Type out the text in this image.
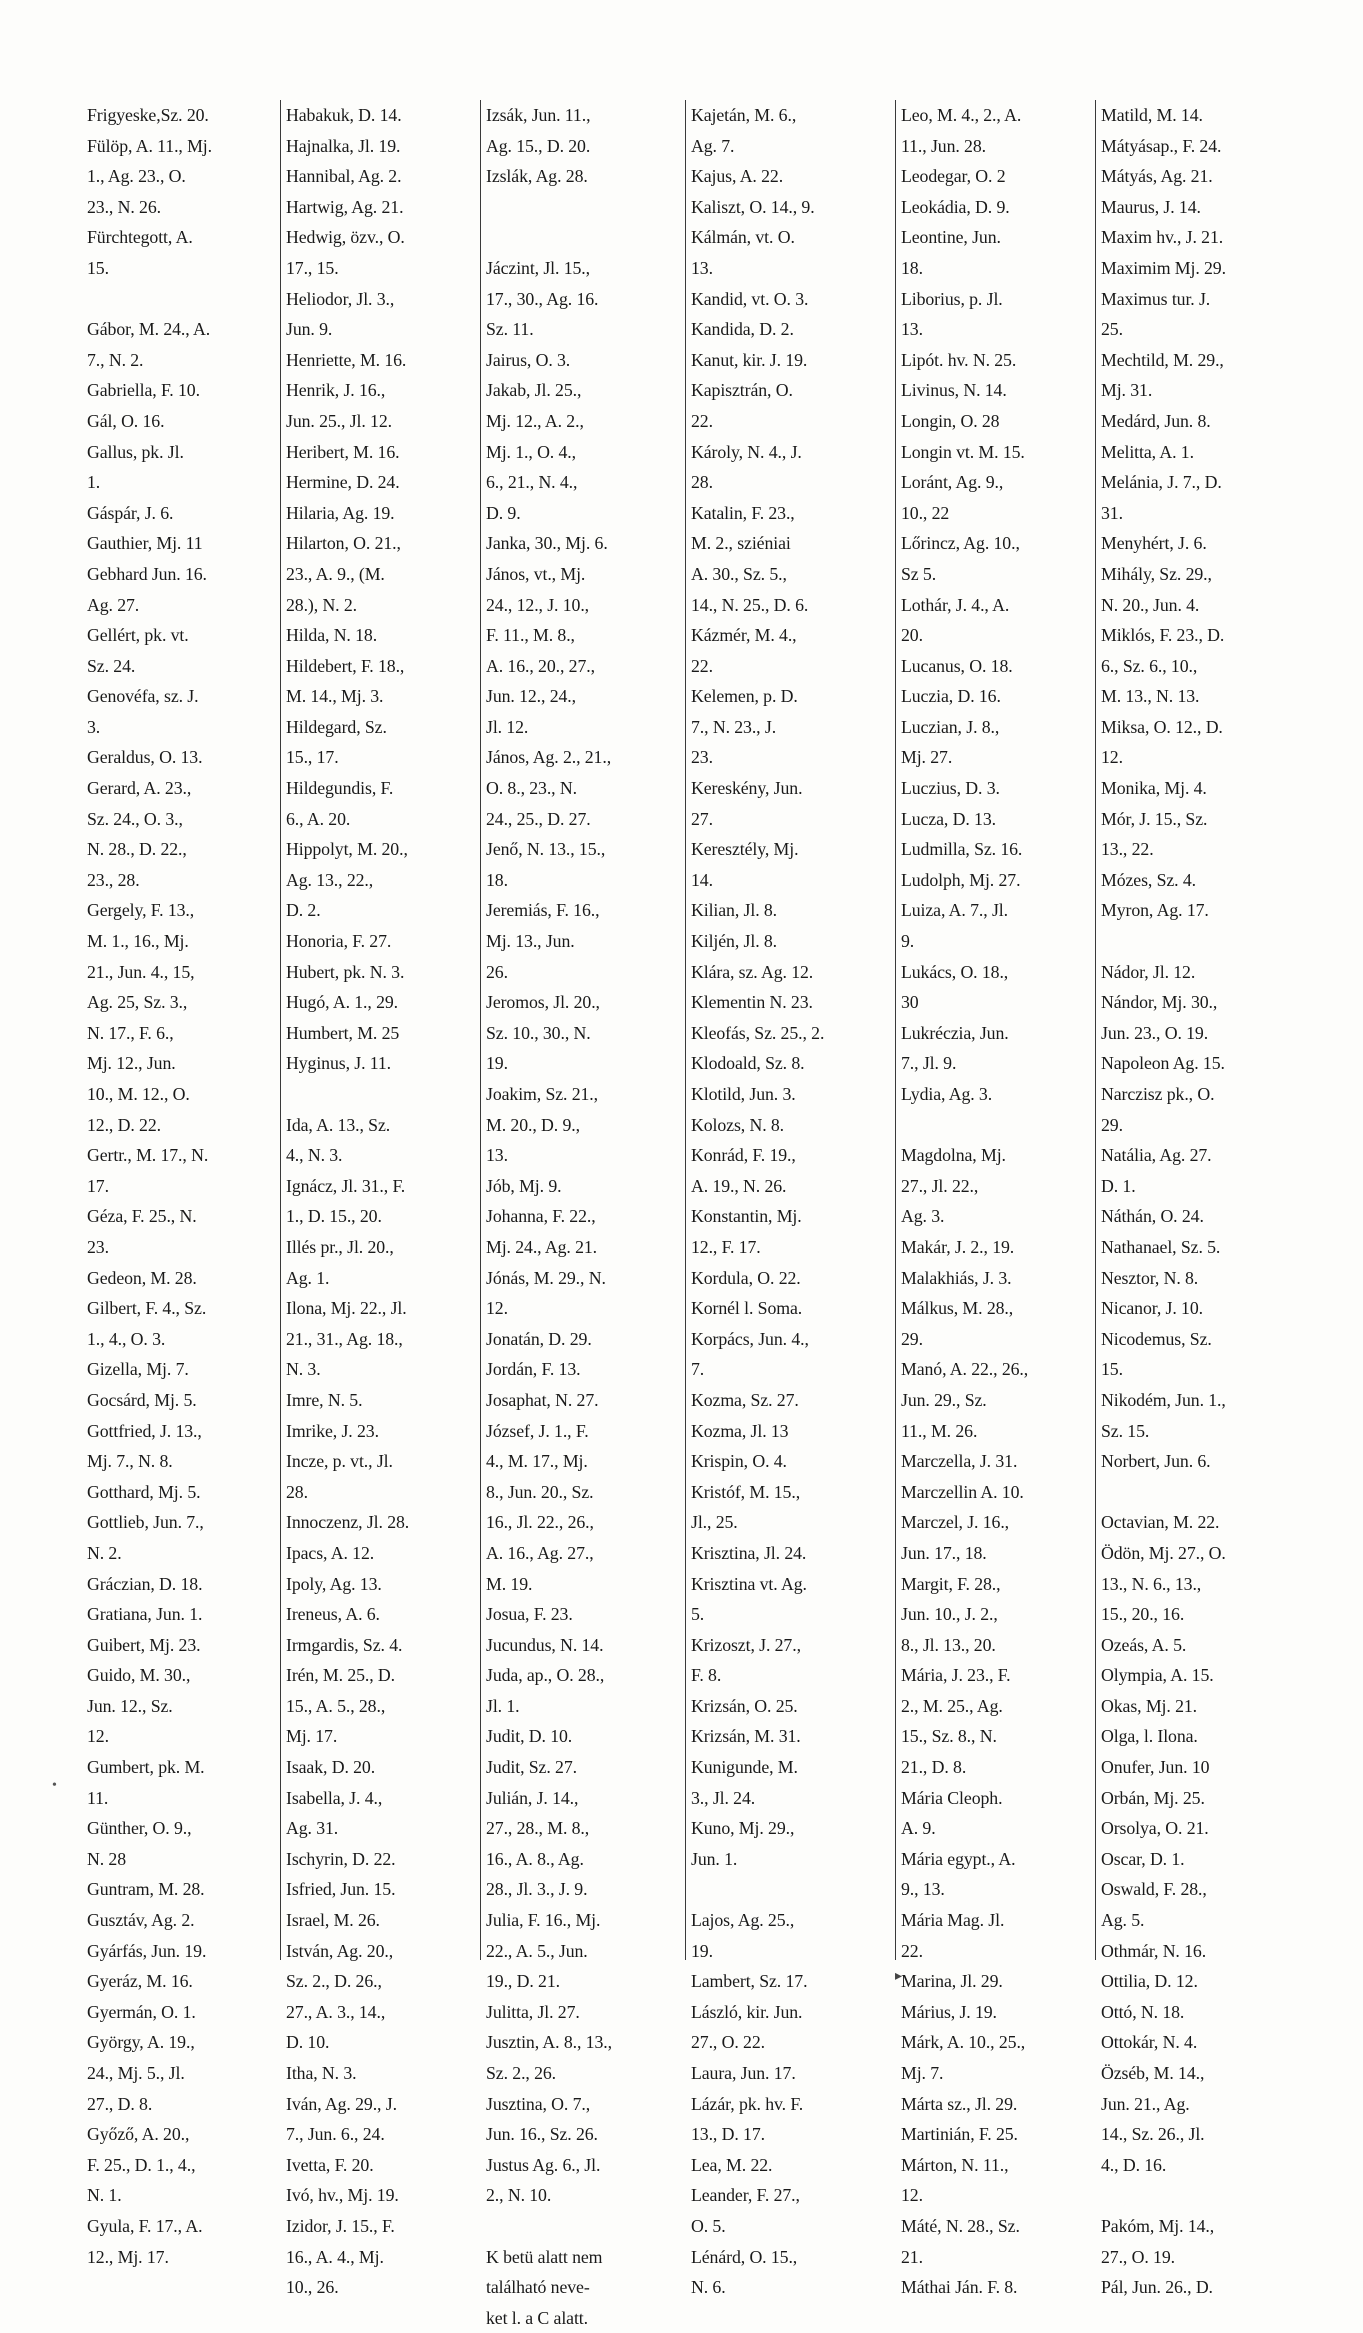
Frigyeske,Sz. 20.
Fülöp, A. 11., Mj.
1., Ag. 23., O.
23., N. 26.
Fürchtegott, A.
15.
Gábor, M. 24., A.
7., N. 2.
Gabriella, F. 10.
Gál, O. 16.
Gallus, pk. Jl.
1.
Gáspár, J. 6.
Gauthier, Mj. 11
Gebhard Jun. 16.
Ag. 27.
Gellért, pk. vt.
Sz. 24.
Genovéfa, sz. J.
3.
Geraldus, O. 13.
Gerard, A. 23.,
Sz. 24., O. 3.,
N. 28., D. 22.,
23., 28.
Gergely, F. 13.,
M. 1., 16., Mj.
21., Jun. 4., 15,
Ag. 25, Sz. 3.,
N. 17., F. 6.,
Mj. 12., Jun.
10., M. 12., O.
12., D. 22.
Gertr., M. 17., N.
17.
Géza, F. 25., N.
23.
Gedeon, M. 28.
Gilbert, F. 4., Sz.
1., 4., O. 3.
Gizella, Mj. 7.
Gocsárd, Mj. 5.
Gottfried, J. 13.,
Mj. 7., N. 8.
Gotthard, Mj. 5.
Gottlieb, Jun. 7.,
N. 2.
Gráczian, D. 18.
Gratiana, Jun. 1.
Guibert, Mj. 23.
Guido, M. 30.,
Jun. 12., Sz.
12.
Gumbert, pk. M.
11.
Günther, O. 9.,
N. 28
Guntram, M. 28.
Gusztáv, Ag. 2.
Gyárfás, Jun. 19.
Gyeráz, M. 16.
Gyermán, O. 1.
György, A. 19.,
24., Mj. 5., Jl.
27., D. 8.
Győző, A. 20.,
F. 25., D. 1., 4.,
N. 1.
Gyula, F. 17., A.
12., Mj. 17.
Habakuk, D. 14.
Hajnalka, Jl. 19.
Hannibal, Ag. 2.
Hartwig, Ag. 21.
Hedwig, özv., O.
17., 15.
Heliodor, Jl. 3.,
Jun. 9.
Henriette, M. 16.
Henrik, J. 16.,
Jun. 25., Jl. 12.
Heribert, M. 16.
Hermine, D. 24.
Hilaria, Ag. 19.
Hilarton, O. 21.,
23., A. 9., (M.
28.), N. 2.
Hilda, N. 18.
Hildebert, F. 18.,
M. 14., Mj. 3.
Hildegard, Sz.
15., 17.
Hildegundis, F.
6., A. 20.
Hippolyt, M. 20.,
Ag. 13., 22.,
D. 2.
Honoria, F. 27.
Hubert, pk. N. 3.
Hugó, A. 1., 29.
Humbert, M. 25
Hyginus, J. 11.
Ida, A. 13., Sz.
4., N. 3.
Ignácz, Jl. 31., F.
1., D. 15., 20.
Illés pr., Jl. 20.,
Ag. 1.
Ilona, Mj. 22., Jl.
21., 31., Ag. 18.,
N. 3.
Imre, N. 5.
Imrike, J. 23.
Incze, p. vt., Jl.
28.
Innoczenz, Jl. 28.
Ipacs, A. 12.
Ipoly, Ag. 13.
Ireneus, A. 6.
Irmgardis, Sz. 4.
Irén, M. 25., D.
15., A. 5., 28.,
Mj. 17.
Isaak, D. 20.
Isabella, J. 4.,
Ag. 31.
Ischyrin, D. 22.
Isfried, Jun. 15.
Israel, M. 26.
István, Ag. 20.,
Sz. 2., D. 26.,
27., A. 3., 14.,
D. 10.
Itha, N. 3.
Iván, Ag. 29., J.
7., Jun. 6., 24.
Ivetta, F. 20.
Ivó, hv., Mj. 19.
Izidor, J. 15., F.
16., A. 4., Mj.
10., 26.
Izsák, Jun. 11.,
Ag. 15., D. 20.
Izslák, Ag. 28.
Jáczint, Jl. 15.,
17., 30., Ag. 16.
Sz. 11.
Jairus, O. 3.
Jakab, Jl. 25.,
Mj. 12., A. 2.,
Mj. 1., O. 4.,
6., 21., N. 4.,
D. 9.
Janka, 30., Mj. 6.
János, vt., Mj.
24., 12., J. 10.,
F. 11., M. 8.,
A. 16., 20., 27.,
Jun. 12., 24.,
Jl. 12.
János, Ag. 2., 21.,
O. 8., 23., N.
24., 25., D. 27.
Jenő, N. 13., 15.,
18.
Jeremiás, F. 16.,
Mj. 13., Jun.
26.
Jeromos, Jl. 20.,
Sz. 10., 30., N.
19.
Joakim, Sz. 21.,
M. 20., D. 9.,
13.
Jób, Mj. 9.
Johanna, F. 22.,
Mj. 24., Ag. 21.
Jónás, M. 29., N.
12.
Jonatán, D. 29.
Jordán, F. 13.
Josaphat, N. 27.
József, J. 1., F.
4., M. 17., Mj.
8., Jun. 20., Sz.
16., Jl. 22., 26.,
A. 16., Ag. 27.,
M. 19.
Josua, F. 23.
Jucundus, N. 14.
Juda, ap., O. 28.,
Jl. 1.
Judit, D. 10.
Judit, Sz. 27.
Julián, J. 14.,
27., 28., M. 8.,
16., A. 8., Ag.
28., Jl. 3., J. 9.
Julia, F. 16., Mj.
22., A. 5., Jun.
19., D. 21.
Julitta, Jl. 27.
Jusztin, A. 8., 13.,
Sz. 2., 26.
Jusztina, O. 7.,
Jun. 16., Sz. 26.
Justus Ag. 6., Jl.
2., N. 10.
K betü alatt nem
található neve-
ket l. a C alatt.
Kajetán, M. 6.,
Ag. 7.
Kajus, A. 22.
Kaliszt, O. 14., 9.
Kálmán, vt. O.
13.
Kandid, vt. O. 3.
Kandida, D. 2.
Kanut, kir. J. 19.
Kapisztrán, O.
22.
Károly, N. 4., J.
28.
Katalin, F. 23.,
M. 2., sziéniai
A. 30., Sz. 5.,
14., N. 25., D. 6.
Kázmér, M. 4.,
22.
Kelemen, p. D.
7., N. 23., J.
23.
Kereskény, Jun.
27.
Keresztély, Mj.
14.
Kilian, Jl. 8.
Kiljén, Jl. 8.
Klára, sz. Ag. 12.
Klementin N. 23.
Kleofás, Sz. 25., 2.
Klodoald, Sz. 8.
Klotild, Jun. 3.
Kolozs, N. 8.
Konrád, F. 19.,
A. 19., N. 26.
Konstantin, Mj.
12., F. 17.
Kordula, O. 22.
Kornél l. Soma.
Korpács, Jun. 4.,
7.
Kozma, Sz. 27.
Kozma, Jl. 13
Krispin, O. 4.
Kristóf, M. 15.,
Jl., 25.
Krisztina, Jl. 24.
Krisztina vt. Ag.
5.
Krizoszt, J. 27.,
F. 8.
Krizsán, O. 25.
Krizsán, M. 31.
Kunigunde, M.
3., Jl. 24.
Kuno, Mj. 29.,
Jun. 1.
Lajos, Ag. 25.,
19.
Lambert, Sz. 17.
László, kir. Jun.
27., O. 22.
Laura, Jun. 17.
Lázár, pk. hv. F.
13., D. 17.
Lea, M. 22.
Leander, F. 27.,
O. 5.
Lénárd, O. 15.,
N. 6.
Leo, M. 4., 2., A.
11., Jun. 28.
Leodegar, O. 2
Leokádia, D. 9.
Leontine, Jun.
18.
Liborius, p. Jl.
13.
Lipót. hv. N. 25.
Livinus, N. 14.
Longin, O. 28
Longin vt. M. 15.
Loránt, Ag. 9.,
10., 22
Lőrincz, Ag. 10.,
Sz 5.
Lothár, J. 4., A.
20.
Lucanus, O. 18.
Luczia, D. 16.
Luczian, J. 8.,
Mj. 27.
Luczius, D. 3.
Lucza, D. 13.
Ludmilla, Sz. 16.
Ludolph, Mj. 27.
Luiza, A. 7., Jl.
9.
Lukács, O. 18.,
30
Lukréczia, Jun.
7., Jl. 9.
Lydia, Ag. 3.
Magdolna, Mj.
27., Jl. 22.,
Ag. 3.
Makár, J. 2., 19.
Malakhiás, J. 3.
Málkus, M. 28.,
29.
Manó, A. 22., 26.,
Jun. 29., Sz.
11., M. 26.
Marczella, J. 31.
Marczellin A. 10.
Marczel, J. 16.,
Jun. 17., 18.
Margit, F. 28.,
Jun. 10., J. 2.,
8., Jl. 13., 20.
Mária, J. 23., F.
2., M. 25., Ag.
15., Sz. 8., N.
21., D. 8.
Mária Cleoph.
A. 9.
Mária egypt., A.
9., 13.
Mária Mag. Jl.
22.
Marina, Jl. 29.
Márius, J. 19.
Márk, A. 10., 25.,
Mj. 7.
Márta sz., Jl. 29.
Martinián, F. 25.
Márton, N. 11.,
12.
Máté, N. 28., Sz.
21.
Máthai Ján. F. 8.
Matild, M. 14.
Mátyásap., F. 24.
Mátyás, Ag. 21.
Maurus, J. 14.
Maxim hv., J. 21.
Maximim Mj. 29.
Maximus tur. J.
25.
Mechtild, M. 29.,
Mj. 31.
Medárd, Jun. 8.
Melitta, A. 1.
Melánia, J. 7., D.
31.
Menyhért, J. 6.
Mihály, Sz. 29.,
N. 20., Jun. 4.
Miklós, F. 23., D.
6., Sz. 6., 10.,
M. 13., N. 13.
Miksa, O. 12., D.
12.
Monika, Mj. 4.
Mór, J. 15., Sz.
13., 22.
Mózes, Sz. 4.
Myron, Ag. 17.
Nádor, Jl. 12.
Nándor, Mj. 30.,
Jun. 23., O. 19.
Napoleon Ag. 15.
Narczisz pk., O.
29.
Natália, Ag. 27.
D. 1.
Náthán, O. 24.
Nathanael, Sz. 5.
Nesztor, N. 8.
Nicanor, J. 10.
Nicodemus, Sz.
15.
Nikodém, Jun. 1.,
Sz. 15.
Norbert, Jun. 6.
Octavian, M. 22.
Ödön, Mj. 27., O.
13., N. 6., 13.,
15., 20., 16.
Ozeás, A. 5.
Olympia, A. 15.
Okas, Mj. 21.
Olga, l. Ilona.
Onufer, Jun. 10
Orbán, Mj. 25.
Orsolya, O. 21.
Oscar, D. 1.
Oswald, F. 28.,
Ag. 5.
Othmár, N. 16.
Ottilia, D. 12.
Ottó, N. 18.
Ottokár, N. 4.
Özséb, M. 14.,
Jun. 21., Ag.
14., Sz. 26., Jl.
4., D. 16.
Pakóm, Mj. 14.,
27., O. 19.
Pál, Jun. 26., D.
•
▸
